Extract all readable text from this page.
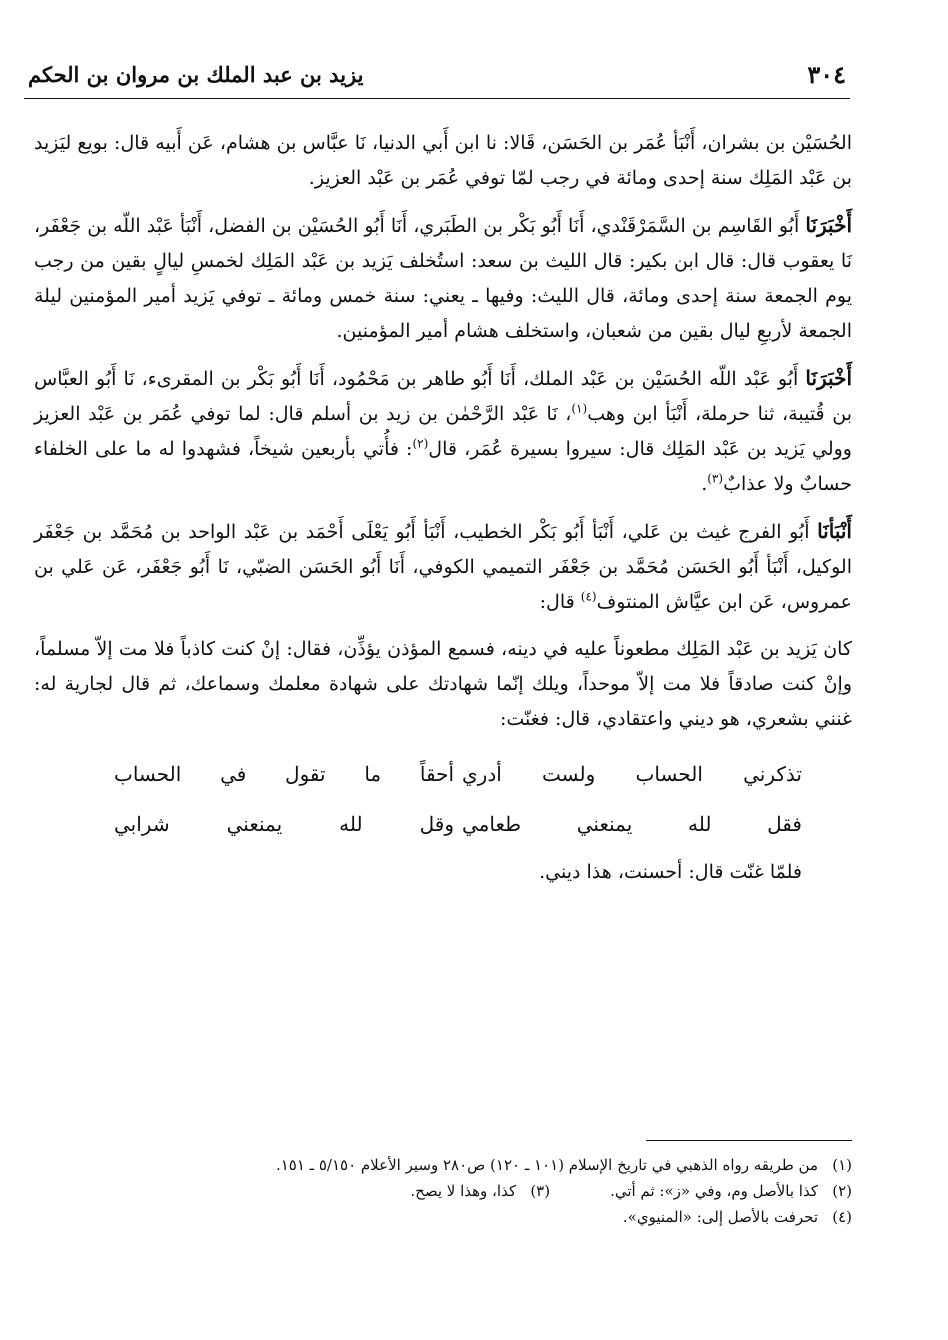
٣٠٤
يزيد بن عبد الملك بن مروان بن الحكم

الحُسَيْن بن بشران، أَنْبَأ عُمَر بن الحَسَن، قَالا: نا ابن أَبي الدنيا، نَا عبَّاس بن هشام، عَن أَبيه قال: بويع ليَزيد بن عَبْد المَلِك سنة إحدى ومائة في رجب لمّا توفي عُمَر بن عَبْد العزيز.

أَخْبَرَنَا أَبُو القَاسِم بن السَّمَرْقَنْدي، أَنَا أَبُو بَكْر بن الطَبَري، أَنَا أَبُو الحُسَيْن بن الفضل، أَنْبَأ عَبْد اللّه بن جَعْفَر، نَا يعقوب قال: قال ابن بكير: قال الليث بن سعد: استُخلف يَزيد بن عَبْد المَلِك لخمسِ ليالٍ بقين من رجب يوم الجمعة سنة إحدى ومائة، قال الليث: وفيها ـ يعني: سنة خمس ومائة ـ توفي يَزيد أمير المؤمنين ليلة الجمعة لأربعِ ليال بقين من شعبان، واستخلف هشام أمير المؤمنين.

أَخْبَرَنَا أَبُو عَبْد اللّه الحُسَيْن بن عَبْد الملك، أَنَا أَبُو طاهر بن مَحْمُود، أَنَا أَبُو بَكْر بن المقرىء، نَا أَبُو العبَّاس بن قُتيبة، ثنا حرملة، أَنْبَأ ابن وهب$^{(١)}$، نَا عَبْد الرَّحْمٰن بن زيد بن أسلم قال: لما توفي عُمَر بن عَبْد العزيز وولي يَزيد بن عَبْد المَلِك قال: سيروا بسيرة عُمَر، قال$^{(٢)}$: فأُتي بأربعين شيخاً، فشهدوا له ما على الخلفاء حسابٌ ولا عذابٌ$^{(٣)}$.

أَنْبَأنَا أَبُو الفرج غيث بن عَلي، أَنْبَأ أَبُو بَكْر الخطيب، أَنْبَأ أَبُو يَعْلَى أَحْمَد بن عَبْد الواحد بن مُحَمَّد بن جَعْفَر الوكيل، أَنْبَأ أَبُو الحَسَن مُحَمَّد بن جَعْفَر التميمي الكوفي، أَنَا أَبُو الحَسَن الضبّي، نَا أَبُو جَعْفَر، عَن عَلي بن عمروس، عَن ابن عيَّاش المنتوف$^{(٤)}$ قال:

كان يَزيد بن عَبْد المَلِك مطعوناً عليه في دينه، فسمع المؤذن يؤذِّن، فقال: إنْ كنت كاذباً فلا مت إلاّ مسلماً، وإنْ كنت صادقاً فلا مت إلاّ موحداً، ويلك إنّما شهادتك على شهادة معلمك وسماعك، ثم قال لجارية له: غنني بشعري، هو ديني واعتقادي، قال: فغنّت:

تذكرني الحساب ولست أدري
أحقاً ما تقول في الحساب
فقل لله يمنعني طعامي
وقل لله يمنعني شرابي
فلمّا غنّت قال: أحسنت، هذا ديني.
(١)
من طريقه رواه الذهبي في تاريخ الإسلام (١٠١ ـ ١٢٠) ص٢٨٠ وسير الأعلام ٥/١٥٠ ـ ١٥١.
(٢)
كذا بالأصل وم، وفي «ز»: ثم أتي.
(٣)
كذا، وهذا لا يصح.
(٤)
تحرفت بالأصل إلى: «المنيوي».
